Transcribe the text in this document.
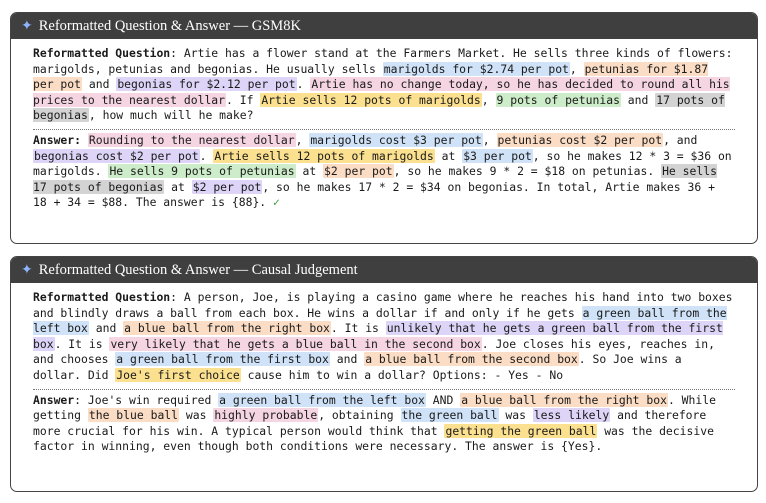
✦ Reformatted Question & Answer — GSM8K

Reformatted Question: Artie has a flower stand at the Farmers Market. He sells three kinds of flowers: marigolds, petunias and begonias. He usually sells marigolds for $2.74 per pot, petunias for $1.87 per pot and begonias for $2.12 per pot. Artie has no change today, so he has decided to round all his prices to the nearest dollar. If Artie sells 12 pots of marigolds, 9 pots of petunias and 17 pots of begonias, how much will he make?

Answer: Rounding to the nearest dollar, marigolds cost $3 per pot, petunias cost $2 per pot, and begonias cost $2 per pot. Artie sells 12 pots of marigolds at $3 per pot, so he makes 12 * 3 = $36 on marigolds. He sells 9 pots of petunias at $2 per pot, so he makes 9 * 2 = $18 on petunias. He sells 17 pots of begonias at $2 per pot, so he makes 17 * 2 = $34 on begonias. In total, Artie makes 36 + 18 + 34 = $88. The answer is {88}. ✓

✦ Reformatted Question & Answer — Causal Judgement

Reformatted Question: A person, Joe, is playing a casino game where he reaches his hand into two boxes and blindly draws a ball from each box. He wins a dollar if and only if he gets a green ball from the left box and a blue ball from the right box. It is unlikely that he gets a green ball from the first box. It is very likely that he gets a blue ball in the second box. Joe closes his eyes, reaches in, and chooses a green ball from the first box and a blue ball from the second box. So Joe wins a dollar. Did Joe's first choice cause him to win a dollar? Options: - Yes - No

Answer: Joe's win required a green ball from the left box AND a blue ball from the right box. While getting the blue ball was highly probable, obtaining the green ball was less likely and therefore more crucial for his win. A typical person would think that getting the green ball was the decisive factor in winning, even though both conditions were necessary. The answer is {Yes}.
